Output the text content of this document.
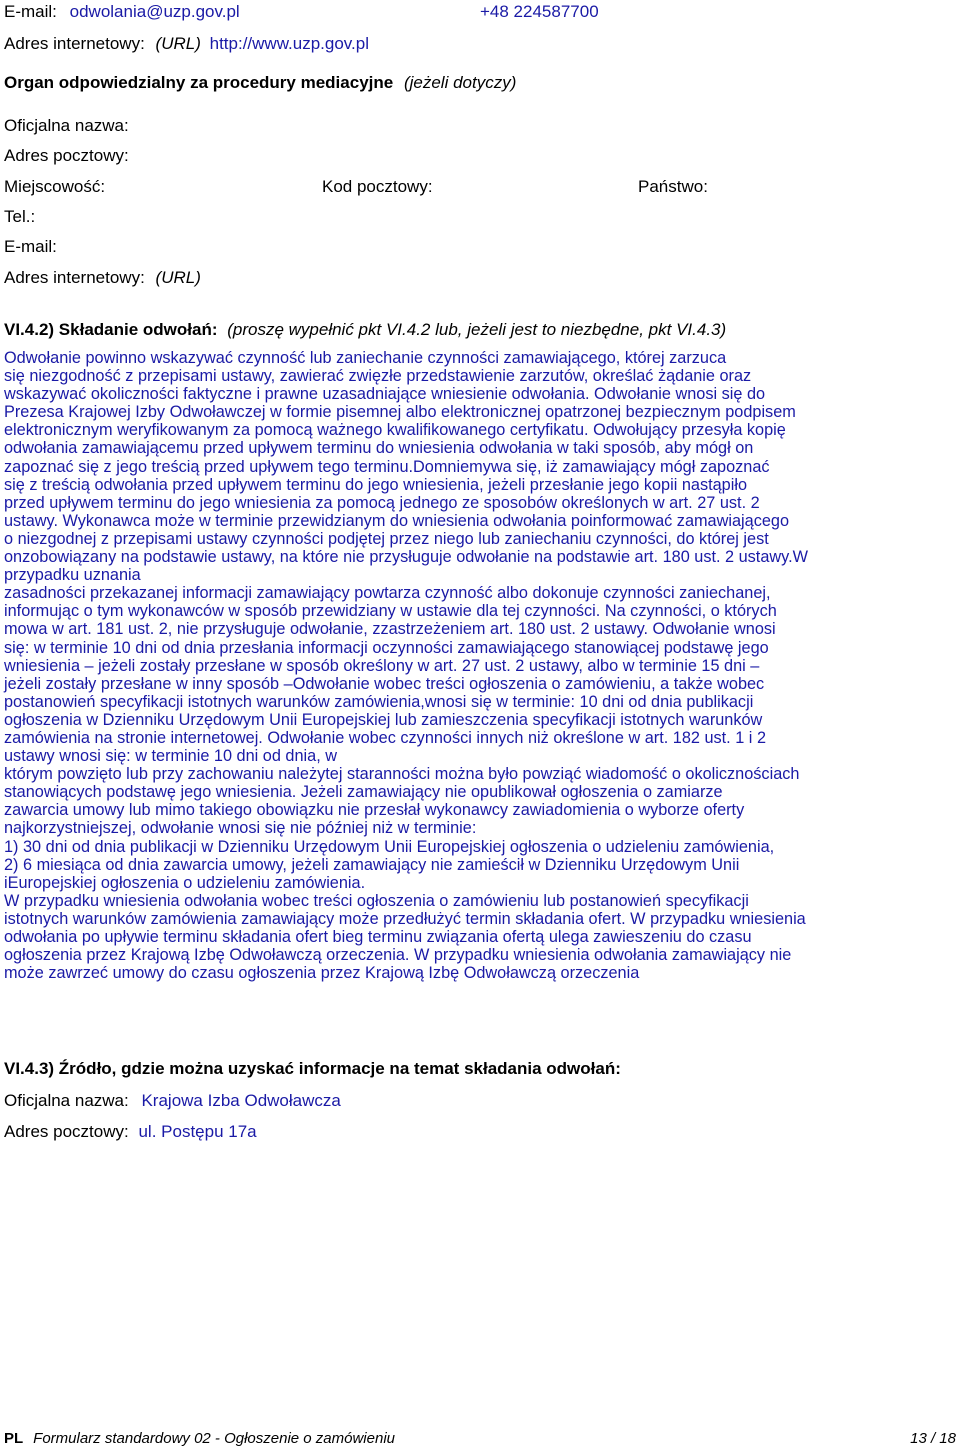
E-mail: odwolania@uzp.gov.pl	+48 224587700
Adres internetowy: (URL) http://www.uzp.gov.pl
Organ odpowiedzialny za procedury mediacyjne (jeżeli dotyczy)
Oficjalna nazwa:
Adres pocztowy:
Miejscowość:	Kod pocztowy:	Państwo:
Tel.:
E-mail:
Adres internetowy: (URL)
VI.4.2) Składanie odwołań: (proszę wypełnić pkt VI.4.2 lub, jeżeli jest to niezbędne, pkt VI.4.3)
Odwołanie powinno wskazywać czynność lub zaniechanie czynności zamawiającego, której zarzuca
się niezgodność z przepisami ustawy, zawierać zwięzłe przedstawienie zarzutów, określać żądanie oraz
wskazywać okoliczności faktyczne i prawne uzasadniające wniesienie odwołania. Odwołanie wnosi się do
Prezesa Krajowej Izby Odwoławczej w formie pisemnej albo elektronicznej opatrzonej bezpiecznym podpisem
elektronicznym weryfikowanym za pomocą ważnego kwalifikowanego certyfikatu. Odwołujący przesyła kopię
odwołania zamawiającemu przed upływem terminu do wniesienia odwołania w taki sposób, aby mógł on
zapoznać się z jego treścią przed upływem tego terminu.Domniemywa się, iż zamawiający mógł zapoznać
się z treścią odwołania przed upływem terminu do jego wniesienia, jeżeli przesłanie jego kopii nastąpiło
przed upływem terminu do jego wniesienia za pomocą jednego ze sposobów określonych w art. 27 ust. 2
ustawy. Wykonawca może w terminie przewidzianym do wniesienia odwołania poinformować zamawiającego
o niezgodnej z przepisami ustawy czynności podjętej przez niego lub zaniechaniu czynności, do której jest
onzobowiązany na podstawie ustawy, na które nie przysługuje odwołanie na podstawie art. 180 ust. 2 ustawy.W
przypadku uznania
zasadności przekazanej informacji zamawiający powtarza czynność albo dokonuje czynności zaniechanej,
informując o tym wykonawców w sposób przewidziany w ustawie dla tej czynności. Na czynności, o których
mowa w art. 181 ust. 2, nie przysługuje odwołanie, zzastrzeżeniem art. 180 ust. 2 ustawy. Odwołanie wnosi
się: w terminie 10 dni od dnia przesłania informacji oczynności zamawiającego stanowiącej podstawę jego
wniesienia – jeżeli zostały przesłane w sposób określony w art. 27 ust. 2 ustawy, albo w terminie 15 dni –
jeżeli zostały przesłane w inny sposób –Odwołanie wobec treści ogłoszenia o zamówieniu, a także wobec
postanowień specyfikacji istotnych warunków zamówienia,wnosi się w terminie: 10 dni od dnia publikacji
ogłoszenia w Dzienniku Urzędowym Unii Europejskiej lub zamieszczenia specyfikacji istotnych warunków
zamówienia na stronie internetowej. Odwołanie wobec czynności innych niż określone w art. 182 ust. 1 i 2
ustawy wnosi się: w terminie 10 dni od dnia, w
którym powzięto lub przy zachowaniu należytej staranności można było powziąć wiadomość o okolicznościach
stanowiących podstawę jego wniesienia. Jeżeli zamawiający nie opublikował ogłoszenia o zamiarze
zawarcia umowy lub mimo takiego obowiązku nie przesłał wykonawcy zawiadomienia o wyborze oferty
najkorzystniejszej, odwołanie wnosi się nie później niż w terminie:
1) 30 dni od dnia publikacji w Dzienniku Urzędowym Unii Europejskiej ogłoszenia o udzieleniu zamówienia,
2) 6 miesiąca od dnia zawarcia umowy, jeżeli zamawiający nie zamieścił w Dzienniku Urzędowym Unii
iEuropejskiej ogłoszenia o udzieleniu zamówienia.
W przypadku wniesienia odwołania wobec treści ogłoszenia o zamówieniu lub postanowień specyfikacji
istotnych warunków zamówienia zamawiający może przedłużyć termin składania ofert. W przypadku wniesienia
odwołania po upływie terminu składania ofert bieg terminu związania ofertą ulega zawieszeniu do czasu
ogłoszenia przez Krajową Izbę Odwoławczą orzeczenia. W przypadku wniesienia odwołania zamawiający nie
może zawrzeć umowy do czasu ogłoszenia przez Krajową Izbę Odwoławczą orzeczenia
VI.4.3) Źródło, gdzie można uzyskać informacje na temat składania odwołań:
Oficjalna nazwa: Krajowa Izba Odwoławcza
Adres pocztowy: ul. Postępu 17a
PL Formularz standardowy 02 - Ogłoszenie o zamówieniu	13 / 18
